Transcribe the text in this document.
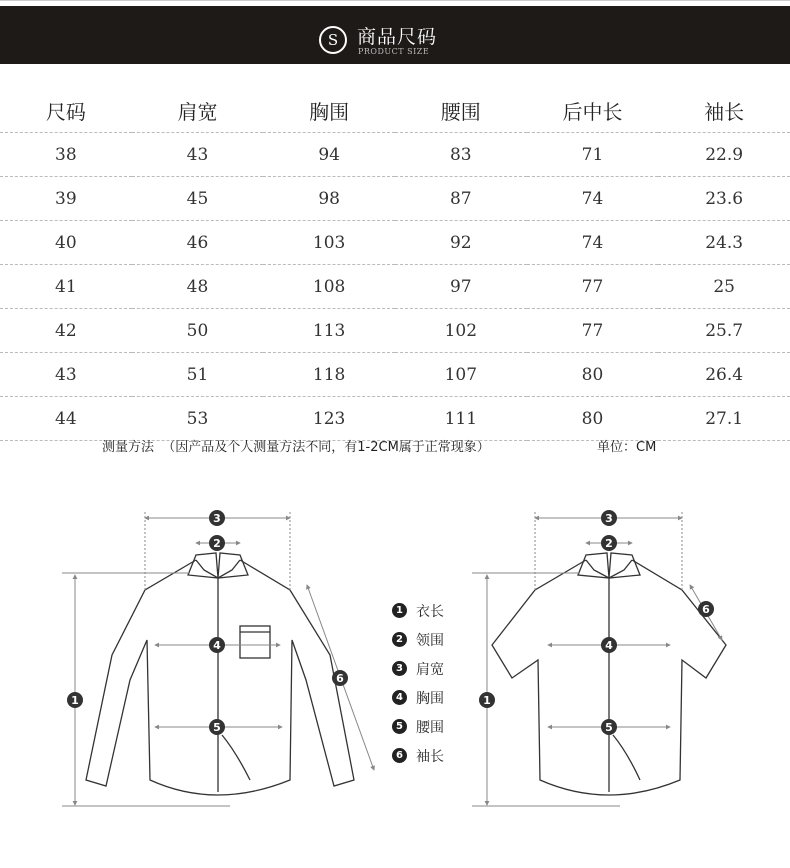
S 商品尺码
PRODUCT SIZE
尺码	肩宽	胸围	腰围	后中长	袖长
38	43	94	83	71	22.9
39	45	98	87	74	23.6
40	46	103	92	74	24.3
41	48	108	97	77	25
42	50	113	102	77	25.7
43	51	118	107	80	26.4
44	53	123	111	80	27.1
测量方法  （因产品及个人测量方法不同，有1-2CM属于正常现象）	单位：CM
3
2
4
5
1
6
3
2
4
5
1
6
1 衣长
2 领围
3 肩宽
4 胸围
5 腰围
6 袖长
